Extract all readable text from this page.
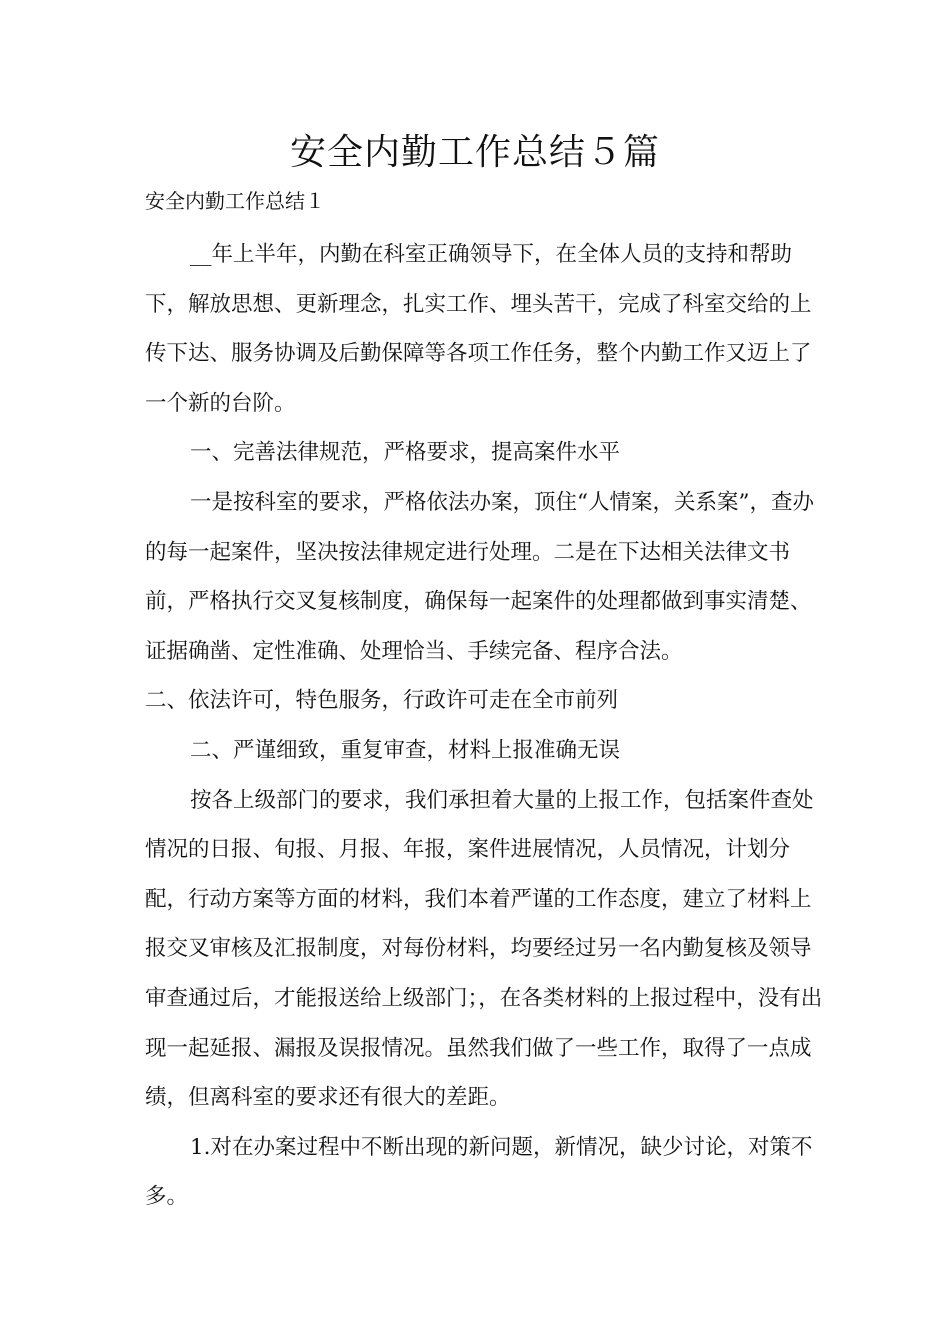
安全内勤工作总结５篇
安全内勤工作总结１

__年上半年，内勤在科室正确领导下，在全体人员的支持和帮助下，解放思想、更新理念，扎实工作、埋头苦干，完成了科室交给的上传下达、服务协调及后勤保障等各项工作任务，整个内勤工作又迈上了一个新的台阶。

一、完善法律规范，严格要求，提高案件水平

一是按科室的要求，严格依法办案，顶住“人情案，关系案”，查办的每一起案件，坚决按法律规定进行处理。二是在下达相关法律文书前，严格执行交叉复核制度，确保每一起案件的处理都做到事实清楚、证据确凿、定性准确、处理恰当、手续完备、程序合法。

二、依法许可，特色服务，行政许可走在全市前列

二、严谨细致，重复审查，材料上报准确无误

按各上级部门的要求，我们承担着大量的上报工作，包括案件查处情况的日报、旬报、月报、年报，案件进展情况，人员情况，计划分配，行动方案等方面的材料，我们本着严谨的工作态度，建立了材料上报交叉审核及汇报制度，对每份材料，均要经过另一名内勤复核及领导审查通过后，才能报送给上级部门；，在各类材料的上报过程中，没有出现一起延报、漏报及误报情况。虽然我们做了一些工作，取得了一点成绩，但离科室的要求还有很大的差距。

1.对在办案过程中不断出现的新问题，新情况，缺少讨论，对策不多。
